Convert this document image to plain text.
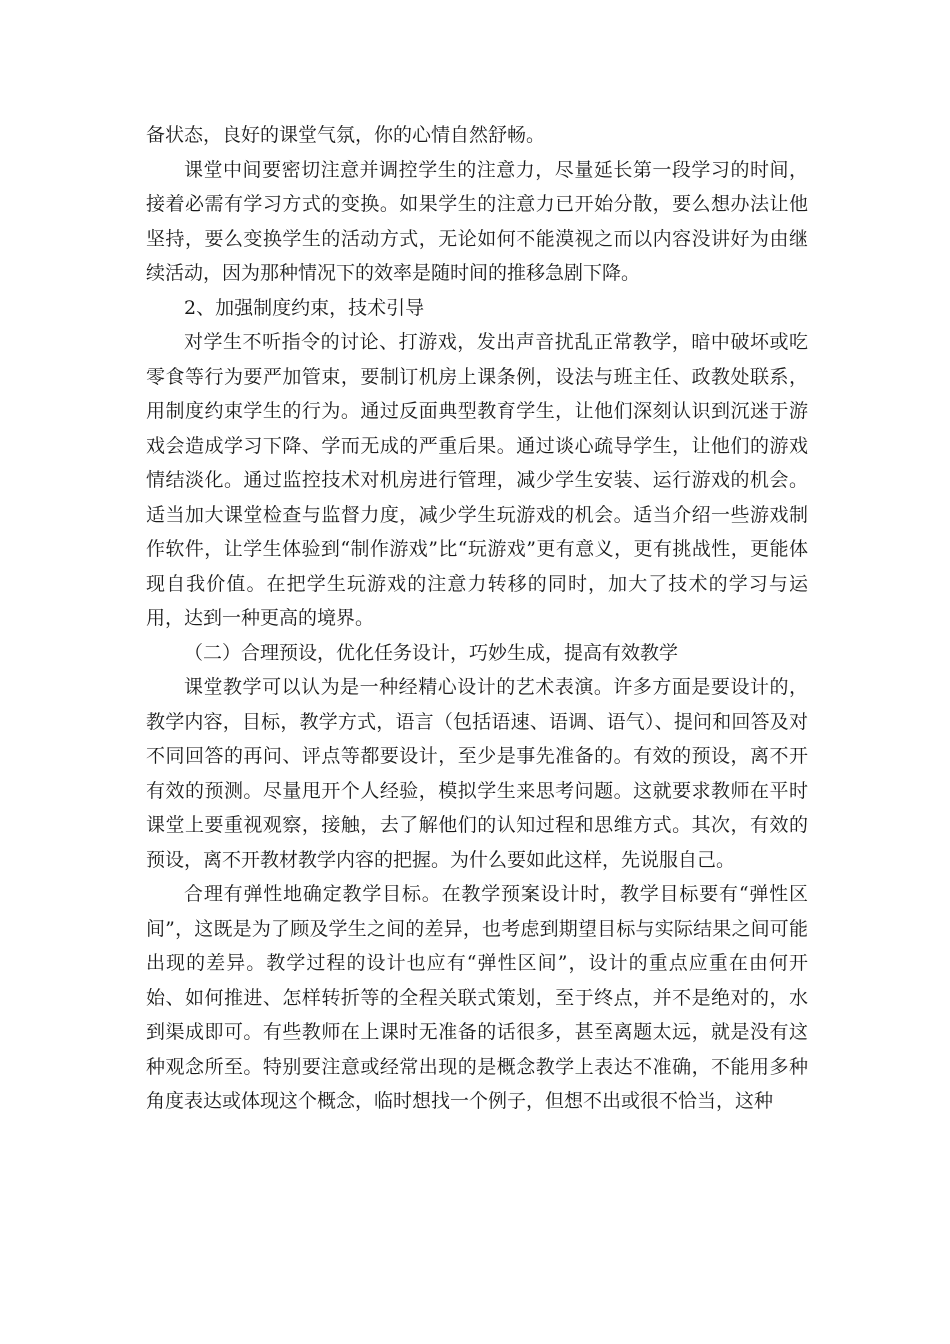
备状态，良好的课堂气氛，你的心情自然舒畅。

课堂中间要密切注意并调控学生的注意力，尽量延长第一段学习的时间，接着必需有学习方式的变换。如果学生的注意力已开始分散，要么想办法让他坚持，要么变换学生的活动方式，无论如何不能漠视之而以内容没讲好为由继续活动，因为那种情况下的效率是随时间的推移急剧下降。

2、加强制度约束，技术引导

对学生不听指令的讨论、打游戏，发出声音扰乱正常教学，暗中破坏或吃零食等行为要严加管束，要制订机房上课条例，设法与班主任、政教处联系，用制度约束学生的行为。通过反面典型教育学生，让他们深刻认识到沉迷于游戏会造成学习下降、学而无成的严重后果。通过谈心疏导学生，让他们的游戏情结淡化。通过监控技术对机房进行管理，减少学生安装、运行游戏的机会。适当加大课堂检查与监督力度，减少学生玩游戏的机会。适当介绍一些游戏制作软件，让学生体验到“制作游戏”比“玩游戏”更有意义，更有挑战性，更能体现自我价值。在把学生玩游戏的注意力转移的同时，加大了技术的学习与运用，达到一种更高的境界。

（二）合理预设，优化任务设计，巧妙生成，提高有效教学

课堂教学可以认为是一种经精心设计的艺术表演。许多方面是要设计的，教学内容，目标，教学方式，语言（包括语速、语调、语气）、提问和回答及对不同回答的再问、评点等都要设计，至少是事先准备的。有效的预设，离不开有效的预测。尽量甩开个人经验，模拟学生来思考问题。这就要求教师在平时课堂上要重视观察，接触，去了解他们的认知过程和思维方式。其次，有效的预设，离不开教材教学内容的把握。为什么要如此这样，先说服自己。

合理有弹性地确定教学目标。在教学预案设计时，教学目标要有“弹性区间”，这既是为了顾及学生之间的差异，也考虑到期望目标与实际结果之间可能出现的差异。教学过程的设计也应有“弹性区间”，设计的重点应重在由何开始、如何推进、怎样转折等的全程关联式策划，至于终点，并不是绝对的，水到渠成即可。有些教师在上课时无准备的话很多，甚至离题太远，就是没有这种观念所至。特别要注意或经常出现的是概念教学上表达不准确，不能用多种角度表达或体现这个概念，临时想找一个例子，但想不出或很不恰当，这种
